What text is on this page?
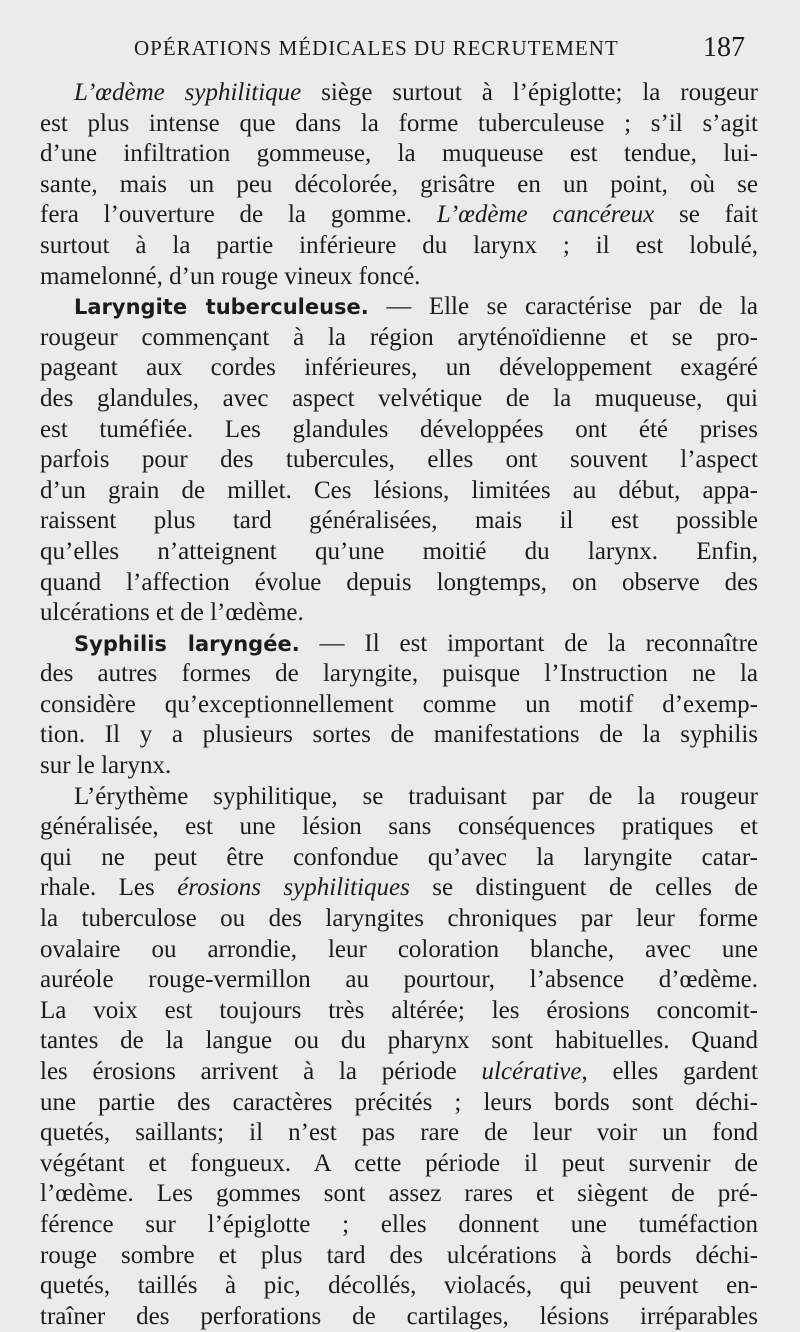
OPÉRATIONS MÉDICALES DU RECRUTEMENT	187
L’œdème syphilitique siège surtout à l’épiglotte; la rougeur
est plus intense que dans la forme tuberculeuse ; s’il s’agit
d’une infiltration gommeuse, la muqueuse est tendue, lui-
sante, mais un peu décolorée, grisâtre en un point, où se
fera l’ouverture de la gomme. L’œdème cancéreux se fait
surtout à la partie inférieure du larynx ; il est lobulé,
mamelonné, d’un rouge vineux foncé.
Laryngite tuberculeuse. — Elle se caractérise par de la
rougeur commençant à la région aryténoïdienne et se pro-
pageant aux cordes inférieures, un développement exagéré
des glandules, avec aspect velvétique de la muqueuse, qui
est tuméfiée. Les glandules développées ont été prises
parfois pour des tubercules, elles ont souvent l’aspect
d’un grain de millet. Ces lésions, limitées au début, appa-
raissent plus tard généralisées, mais il est possible
qu’elles n’atteignent qu’une moitié du larynx. Enfin,
quand l’affection évolue depuis longtemps, on observe des
ulcérations et de l’œdème.
Syphilis laryngée. — Il est important de la reconnaître
des autres formes de laryngite, puisque l’Instruction ne la
considère qu’exceptionnellement comme un motif d’exemp-
tion. Il y a plusieurs sortes de manifestations de la syphilis
sur le larynx.
L’érythème syphilitique, se traduisant par de la rougeur
généralisée, est une lésion sans conséquences pratiques et
qui ne peut être confondue qu’avec la laryngite catar-
rhale. Les érosions syphilitiques se distinguent de celles de
la tuberculose ou des laryngites chroniques par leur forme
ovalaire ou arrondie, leur coloration blanche, avec une
auréole rouge-vermillon au pourtour, l’absence d’œdème.
La voix est toujours très altérée; les érosions concomit-
tantes de la langue ou du pharynx sont habituelles. Quand
les érosions arrivent à la période ulcérative, elles gardent
une partie des caractères précités ; leurs bords sont déchi-
quetés, saillants; il n’est pas rare de leur voir un fond
végétant et fongueux. A cette période il peut survenir de
l’œdème. Les gommes sont assez rares et siègent de pré-
férence sur l’épiglotte ; elles donnent une tuméfaction
rouge sombre et plus tard des ulcérations à bords déchi-
quetés, taillés à pic, décollés, violacés, qui peuvent en-
traîner des perforations de cartilages, lésions irréparables
